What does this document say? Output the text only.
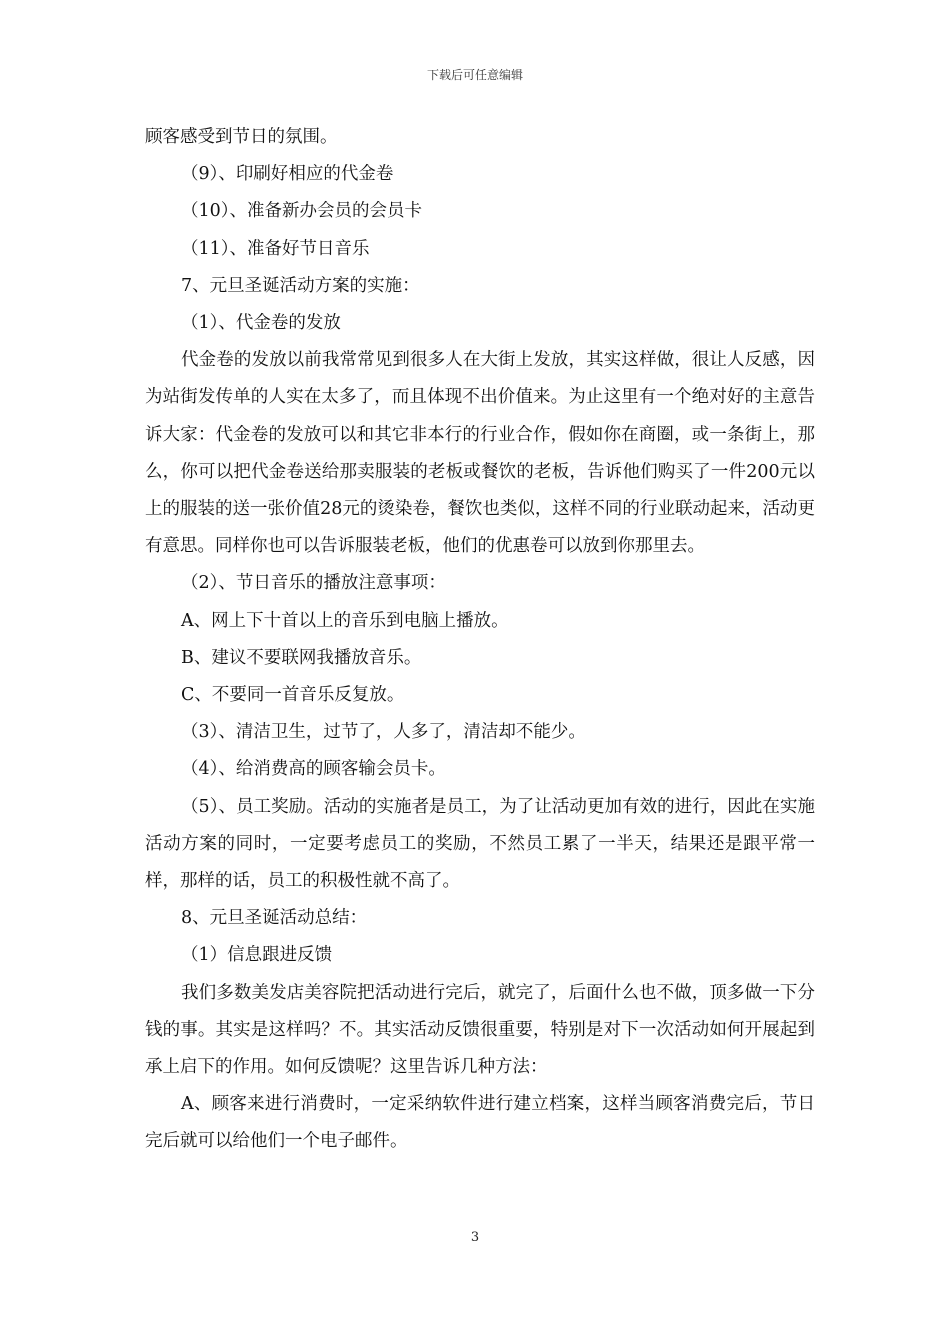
下载后可任意编辑

顾客感受到节日的氛围。

（9）、印刷好相应的代金卷

（10）、准备新办会员的会员卡

（11）、准备好节日音乐

7、元旦圣诞活动方案的实施：

（1）、代金卷的发放

代金卷的发放以前我常常见到很多人在大街上发放，其实这样做，很让人反感，因为站街发传单的人实在太多了，而且体现不出价值来。为止这里有一个绝对好的主意告诉大家：代金卷的发放可以和其它非本行的行业合作，假如你在商圈，或一条街上，那么，你可以把代金卷送给那卖服装的老板或餐饮的老板，告诉他们购买了一件200元以上的服装的送一张价值28元的烫染卷，餐饮也类似，这样不同的行业联动起来，活动更有意思。同样你也可以告诉服装老板，他们的优惠卷可以放到你那里去。

（2）、节日音乐的播放注意事项：

A、网上下十首以上的音乐到电脑上播放。

B、建议不要联网我播放音乐。

C、不要同一首音乐反复放。

（3）、清洁卫生，过节了，人多了，清洁却不能少。

（4）、给消费高的顾客输会员卡。

（5）、员工奖励。活动的实施者是员工，为了让活动更加有效的进行，因此在实施活动方案的同时，一定要考虑员工的奖励，不然员工累了一半天，结果还是跟平常一样，那样的话，员工的积极性就不高了。

8、元旦圣诞活动总结：

（1）信息跟进反馈

我们多数美发店美容院把活动进行完后，就完了，后面什么也不做，顶多做一下分钱的事。其实是这样吗？不。其实活动反馈很重要，特别是对下一次活动如何开展起到承上启下的作用。如何反馈呢？这里告诉几种方法：

A、顾客来进行消费时，一定采纳软件进行建立档案，这样当顾客消费完后，节日完后就可以给他们一个电子邮件。

3
